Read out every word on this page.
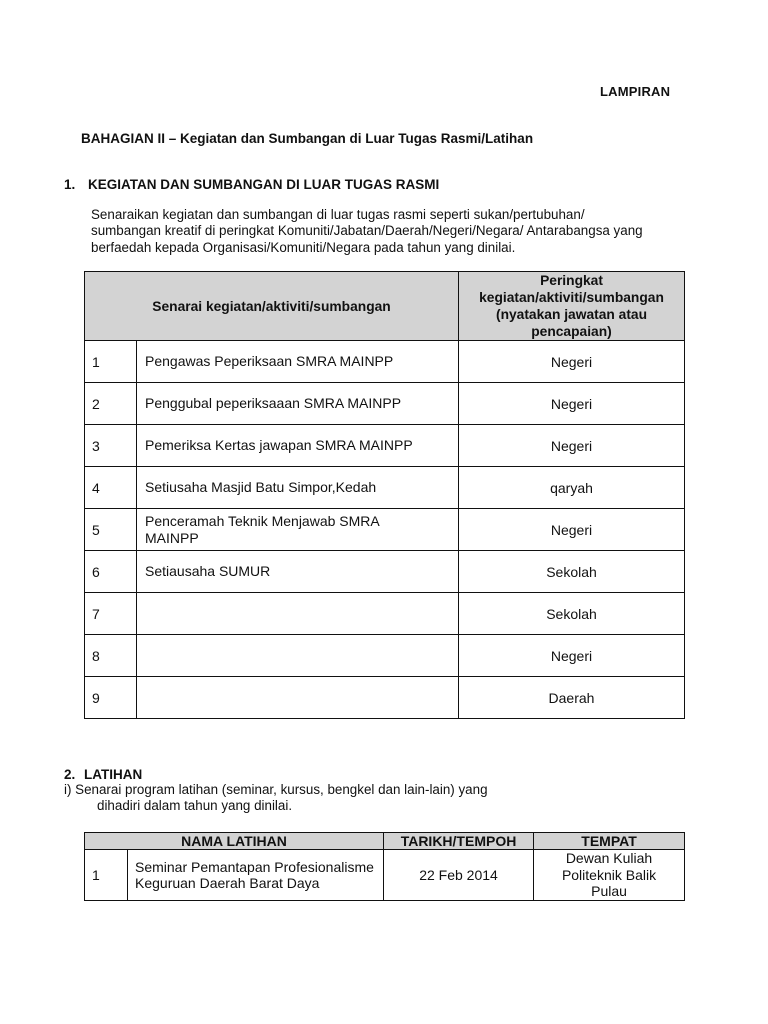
LAMPIRAN
BAHAGIAN II – Kegiatan dan Sumbangan di Luar Tugas Rasmi/Latihan
1. KEGIATAN DAN SUMBANGAN DI LUAR TUGAS RASMI
Senaraikan kegiatan dan sumbangan di luar tugas rasmi seperti sukan/pertubuhan/
sumbangan kreatif di peringkat Komuniti/Jabatan/Daerah/Negeri/Negara/ Antarabangsa yang
berfaedah kepada Organisasi/Komuniti/Negara pada tahun yang dinilai.
Senarai kegiatan/aktiviti/sumbangan		Peringkat
kegiatan/aktiviti/sumbangan
(nyatakan jawatan atau
pencapaian)

1	Pengawas Peperiksaan SMRA MAINPP	Negeri
2	Penggubal peperiksaaan SMRA MAINPP	Negeri
3	Pemeriksa Kertas jawapan SMRA MAINPP	Negeri
4	Setiusaha Masjid Batu Simpor,Kedah	qaryah
5	Penceramah Teknik Menjawab SMRA MAINPP	Negeri
6	Setiausaha SUMUR	Sekolah
7		Sekolah
8		Negeri
9		Daerah
2. LATIHAN
i) Senarai program latihan (seminar, kursus, bengkel dan lain-lain) yang
dihadiri dalam tahun yang dinilai.
NAMA LATIHAN		TARIKH/TEMPOH	TEMPAT
1	Seminar Pemantapan Profesionalisme Keguruan Daerah Barat Daya	22 Feb 2014	Dewan Kuliah Politeknik Balik Pulau
